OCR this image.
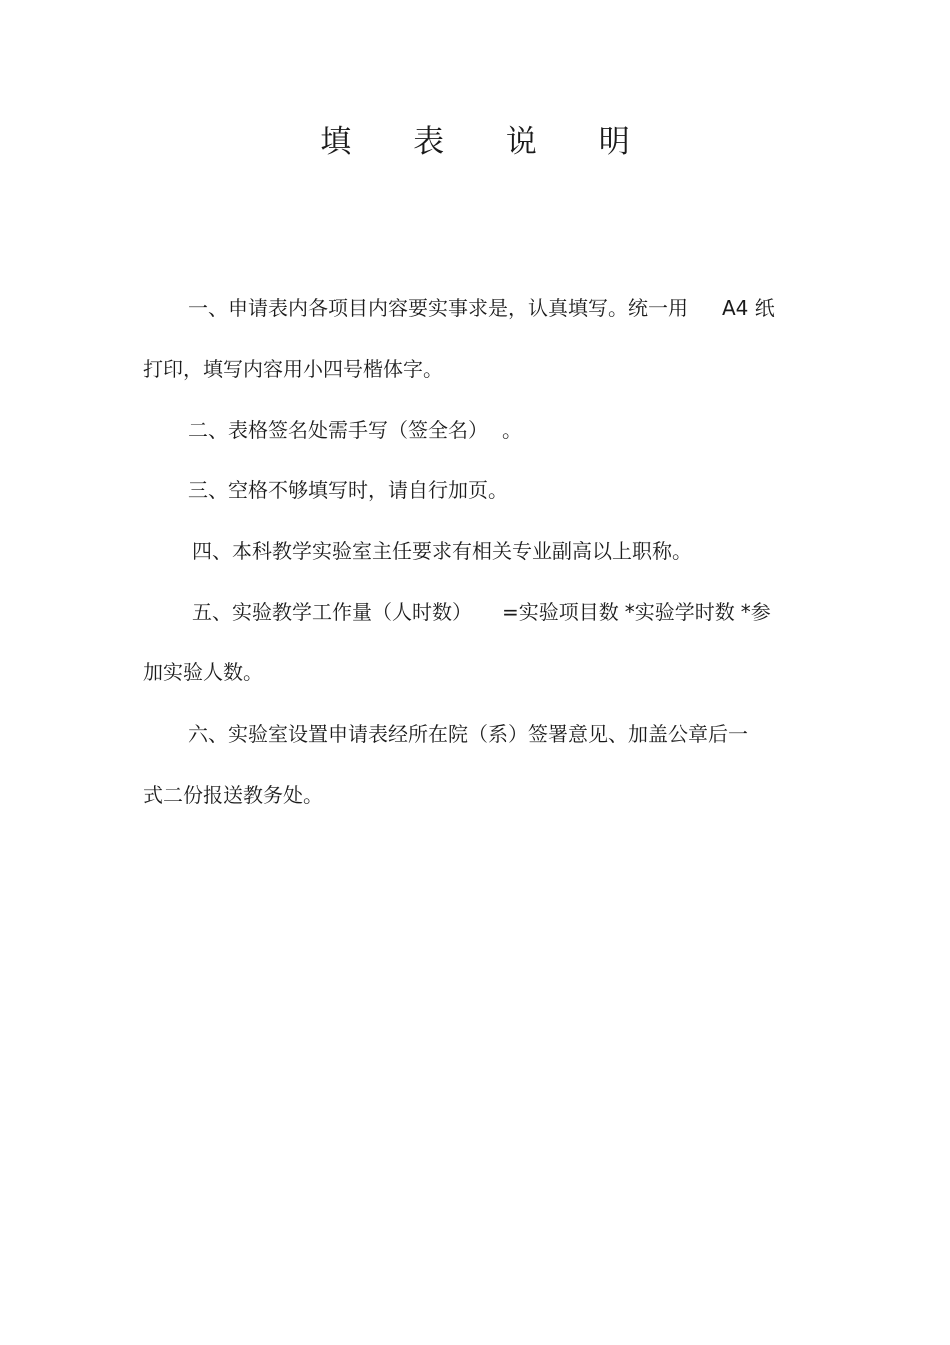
填 表 说 明
一、申请表内各项目内容要实事求是，认真填写。统一用 A4 纸
打印，填写内容用小四号楷体字。
二、表格签名处需手写（签全名） 。
三、空格不够填写时，请自行加页。
四、本科教学实验室主任要求有相关专业副高以上职称。
五、实验教学工作量（人时数） =实验项目数 *实验学时数 *参
加实验人数。
六、实验室设置申请表经所在院（系）签署意见、加盖公章后一
式二份报送教务处。
